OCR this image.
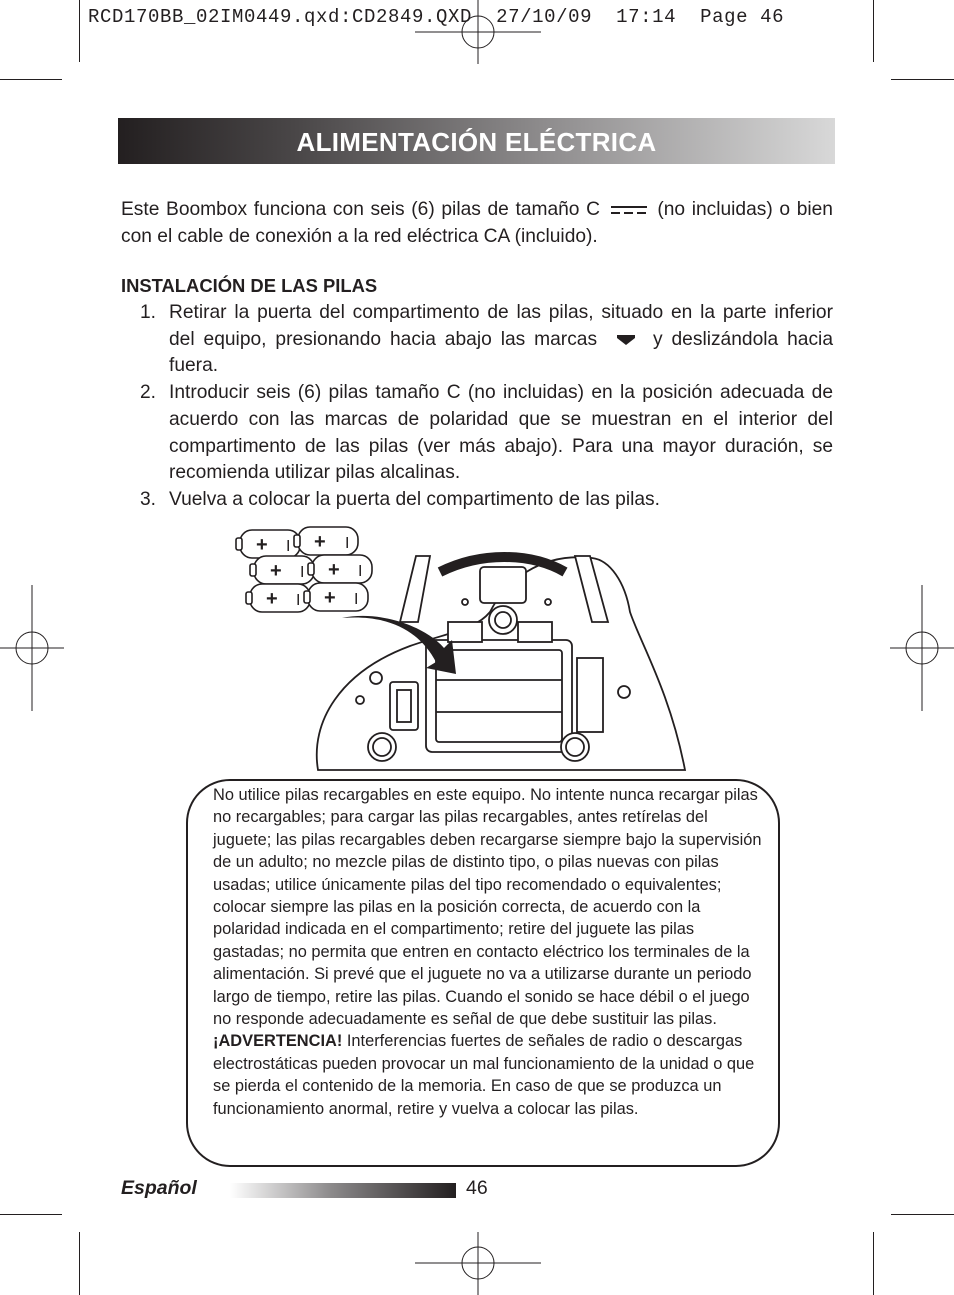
RCD170BB_02IM0449.qxd:CD2849.QXD  27/10/09  17:14  Page 46
ALIMENTACIÓN ELÉCTRICA
Este Boombox funciona con seis (6) pilas de tamaño C	(no incluidas) o bien con el cable de conexión a la red eléctrica CA (incluido).
INSTALACIÓN DE LAS PILAS
1. Retirar la puerta del compartimento de las pilas, situado en la parte inferior del equipo, presionando hacia abajo las marcas	y deslizándola hacia fuera.
2. Introducir seis (6) pilas tamaño C (no incluidas) en la posición adecuada de acuerdo con las marcas de polaridad que se muestran en el interior del compartimento de las pilas (ver más abajo). Para una mayor duración, se recomienda utilizar pilas alcalinas.
3. Vuelva a colocar la puerta del compartimento de las pilas.
+ I + I
+ I + I
+ I + I
No utilice pilas recargables en este equipo. No intente nunca recargar pilas no recargables; para cargar las pilas recargables, antes retírelas del juguete; las pilas recargables deben recargarse siempre bajo la supervisión de un adulto; no mezcle pilas de distinto tipo, o pilas nuevas con pilas usadas; utilice únicamente pilas del tipo recomendado o equivalentes; colocar siempre las pilas en la posición correcta, de acuerdo con la polaridad indicada en el compartimento; retire del juguete las pilas gastadas; no permita que entren en contacto eléctrico los terminales de la alimentación. Si prevé que el juguete no va a utilizarse durante un periodo largo de tiempo, retire las pilas. Cuando el sonido se hace débil o el juego no responde adecuadamente es señal de que debe sustituir las pilas. ¡ADVERTENCIA! Interferencias fuertes de señales de radio o descargas electrostáticas pueden provocar un mal funcionamiento de la unidad o que se pierda el contenido de la memoria. En caso de que se produzca un funcionamiento anormal, retire y vuelva a colocar las pilas.
Español	46
